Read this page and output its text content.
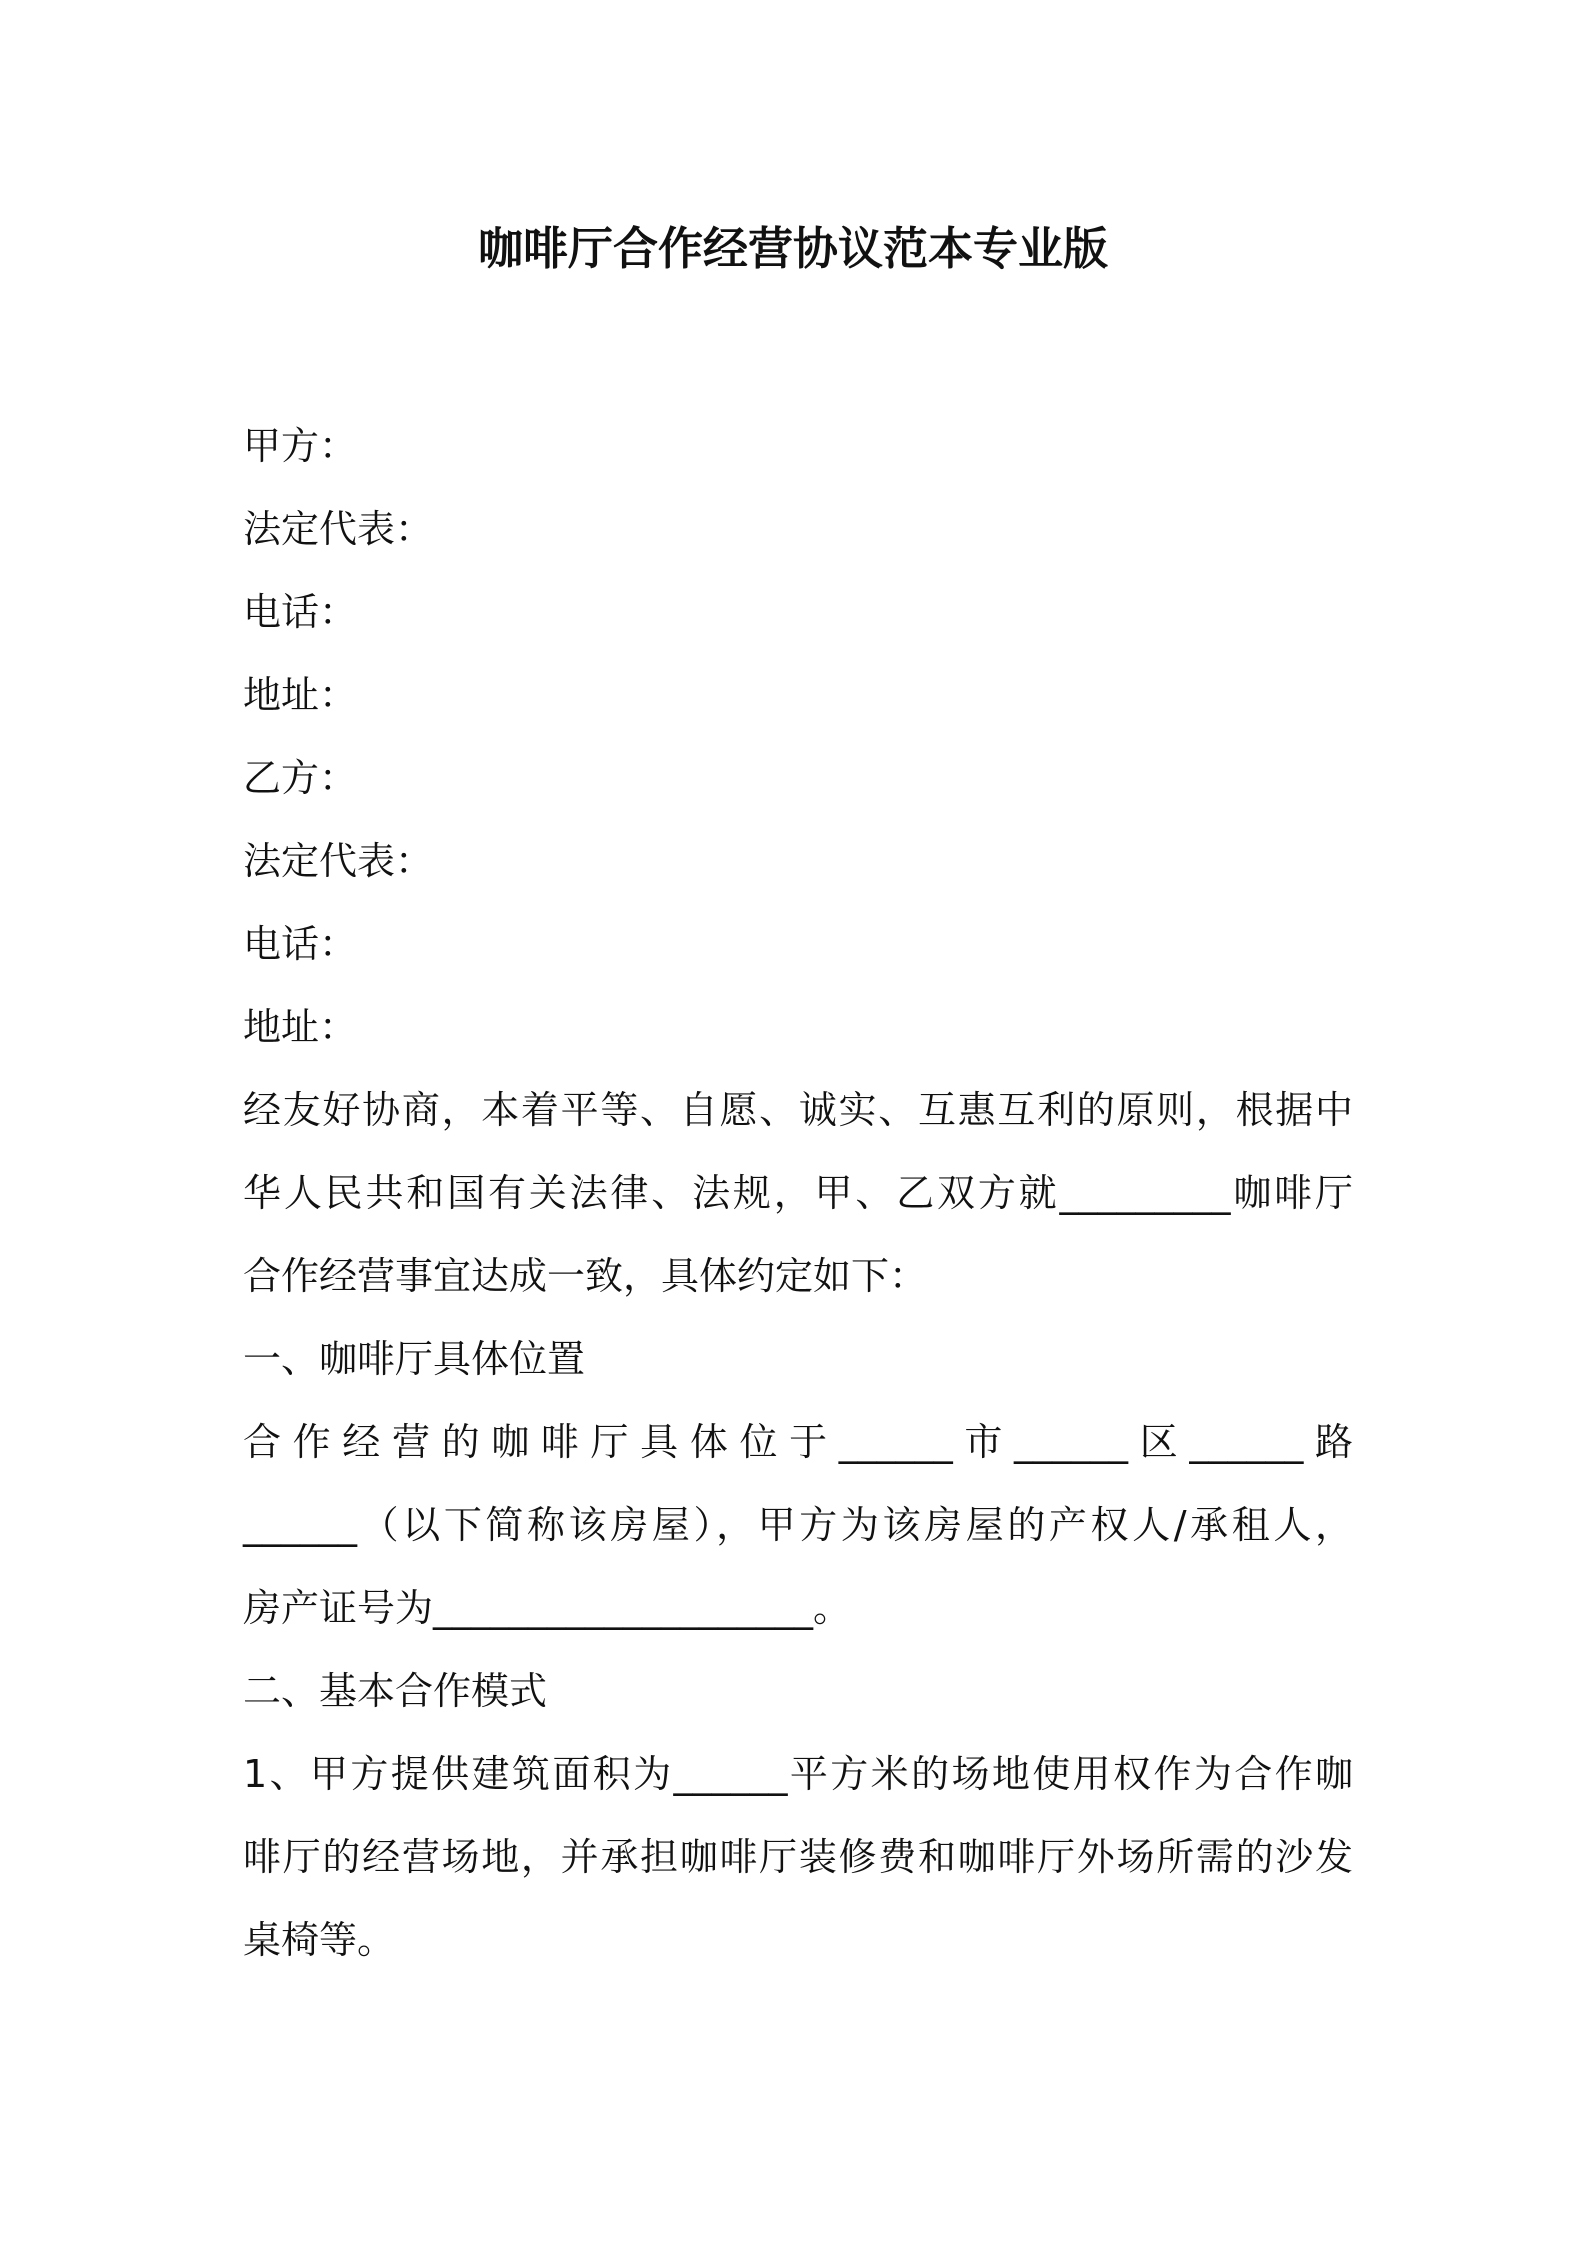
咖啡厅合作经营协议范本专业版

甲方：

法定代表：

电话：

地址：

乙方：

法定代表：

电话：

地址：

经友好协商，本着平等、自愿、诚实、互惠互利的原则，根据中
华人民共和国有关法律、法规，甲、乙双方就_________咖啡厅
合作经营事宜达成一致，具体约定如下：

一、咖啡厅具体位置

合作经营的咖啡厅具体位于______市______区______路
______（以下简称该房屋），甲方为该房屋的产权人/承租人，
房产证号为____________________。

二、基本合作模式

1、甲方提供建筑面积为______平方米的场地使用权作为合作咖
啡厅的经营场地，并承担咖啡厅装修费和咖啡厅外场所需的沙发
桌椅等。
